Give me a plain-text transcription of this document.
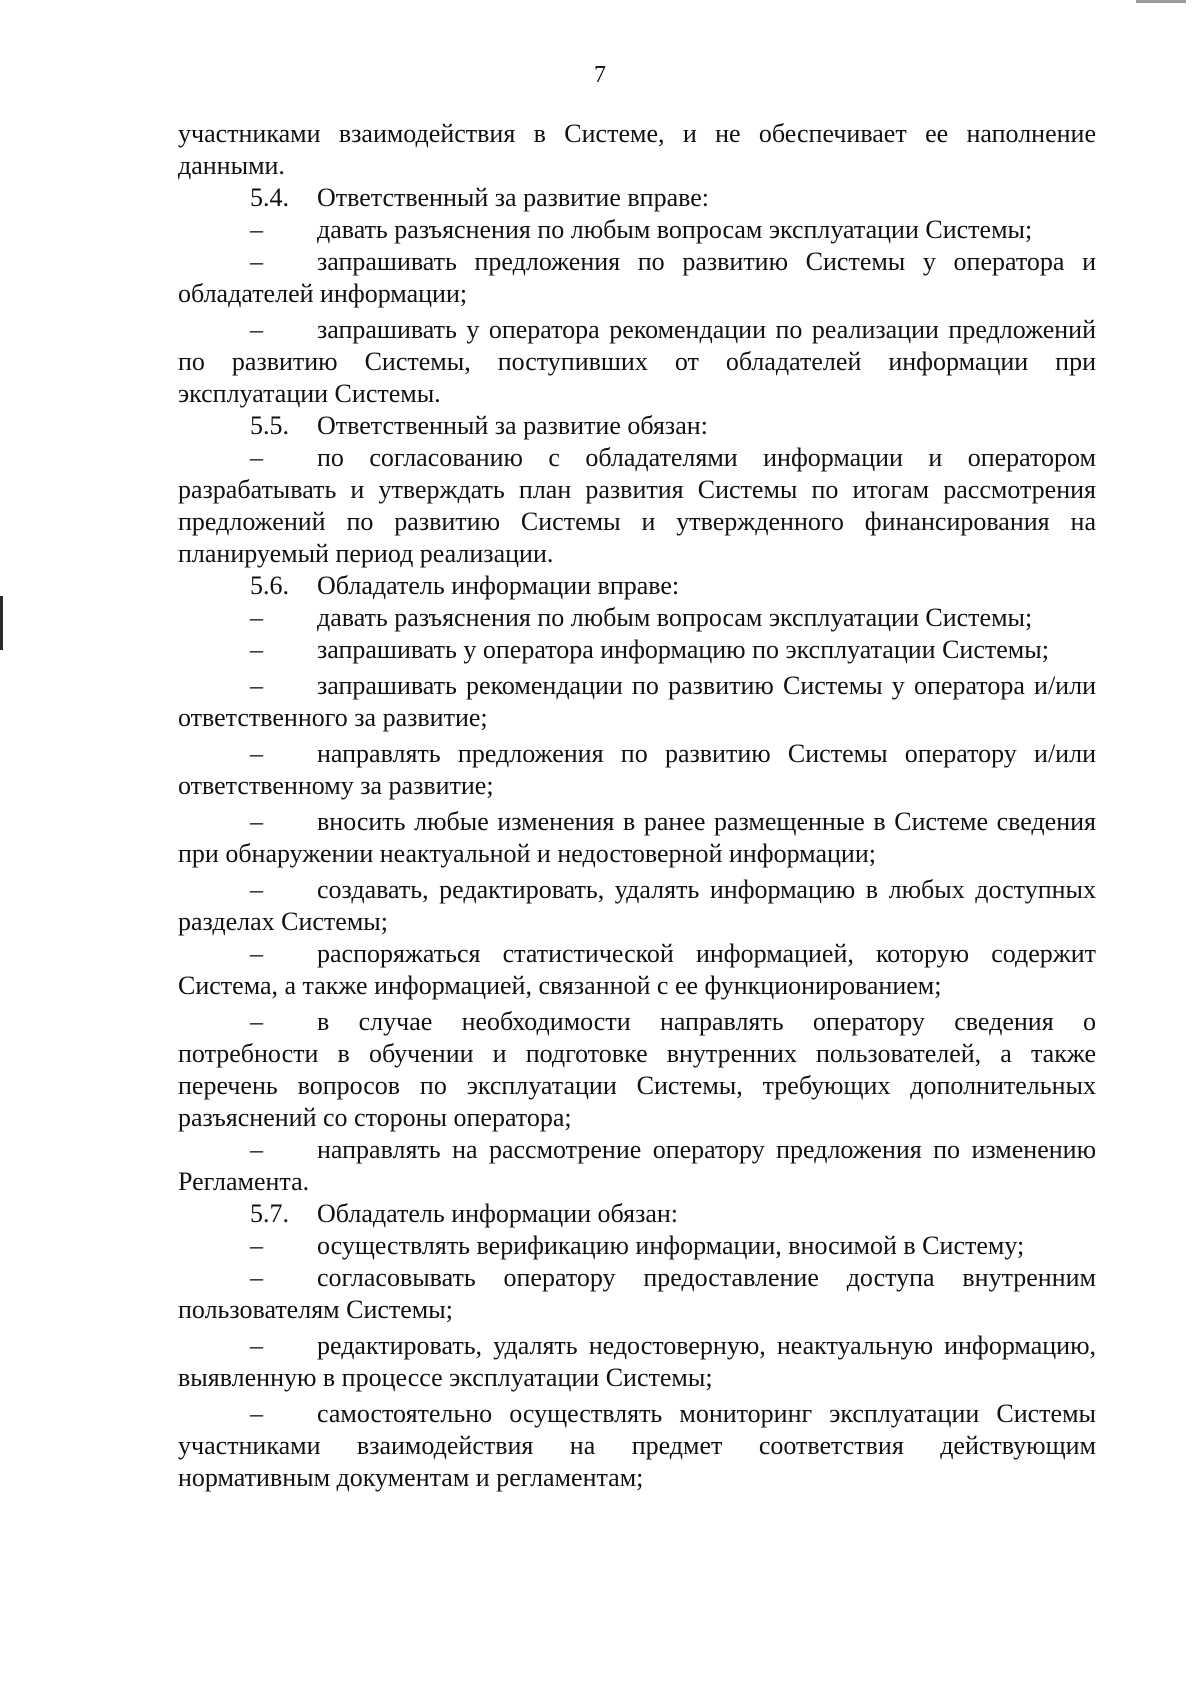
7

участниками взаимодействия в Системе, и не обеспечивает ее наполнение данными.

5.4. Ответственный за развитие вправе:

– давать разъяснения по любым вопросам эксплуатации Системы;

– запрашивать предложения по развитию Системы у оператора и обладателей информации;

– запрашивать у оператора рекомендации по реализации предложений по развитию Системы, поступивших от обладателей информации при эксплуатации Системы.

5.5. Ответственный за развитие обязан:

– по согласованию с обладателями информации и оператором разрабатывать и утверждать план развития Системы по итогам рассмотрения предложений по развитию Системы и утвержденного финансирования на планируемый период реализации.

5.6. Обладатель информации вправе:

– давать разъяснения по любым вопросам эксплуатации Системы;

– запрашивать у оператора информацию по эксплуатации Системы;

– запрашивать рекомендации по развитию Системы у оператора и/или ответственного за развитие;

– направлять предложения по развитию Системы оператору и/или ответственному за развитие;

– вносить любые изменения в ранее размещенные в Системе сведения при обнаружении неактуальной и недостоверной информации;

– создавать, редактировать, удалять информацию в любых доступных разделах Системы;

– распоряжаться статистической информацией, которую содержит Система, а также информацией, связанной с ее функционированием;

– в случае необходимости направлять оператору сведения о потребности в обучении и подготовке внутренних пользователей, а также перечень вопросов по эксплуатации Системы, требующих дополнительных разъяснений со стороны оператора;

– направлять на рассмотрение оператору предложения по изменению Регламента.

5.7. Обладатель информации обязан:

– осуществлять верификацию информации, вносимой в Систему;

– согласовывать оператору предоставление доступа внутренним пользователям Системы;

– редактировать, удалять недостоверную, неактуальную информацию, выявленную в процессе эксплуатации Системы;

– самостоятельно осуществлять мониторинг эксплуатации Системы участниками взаимодействия на предмет соответствия действующим нормативным документам и регламентам;
